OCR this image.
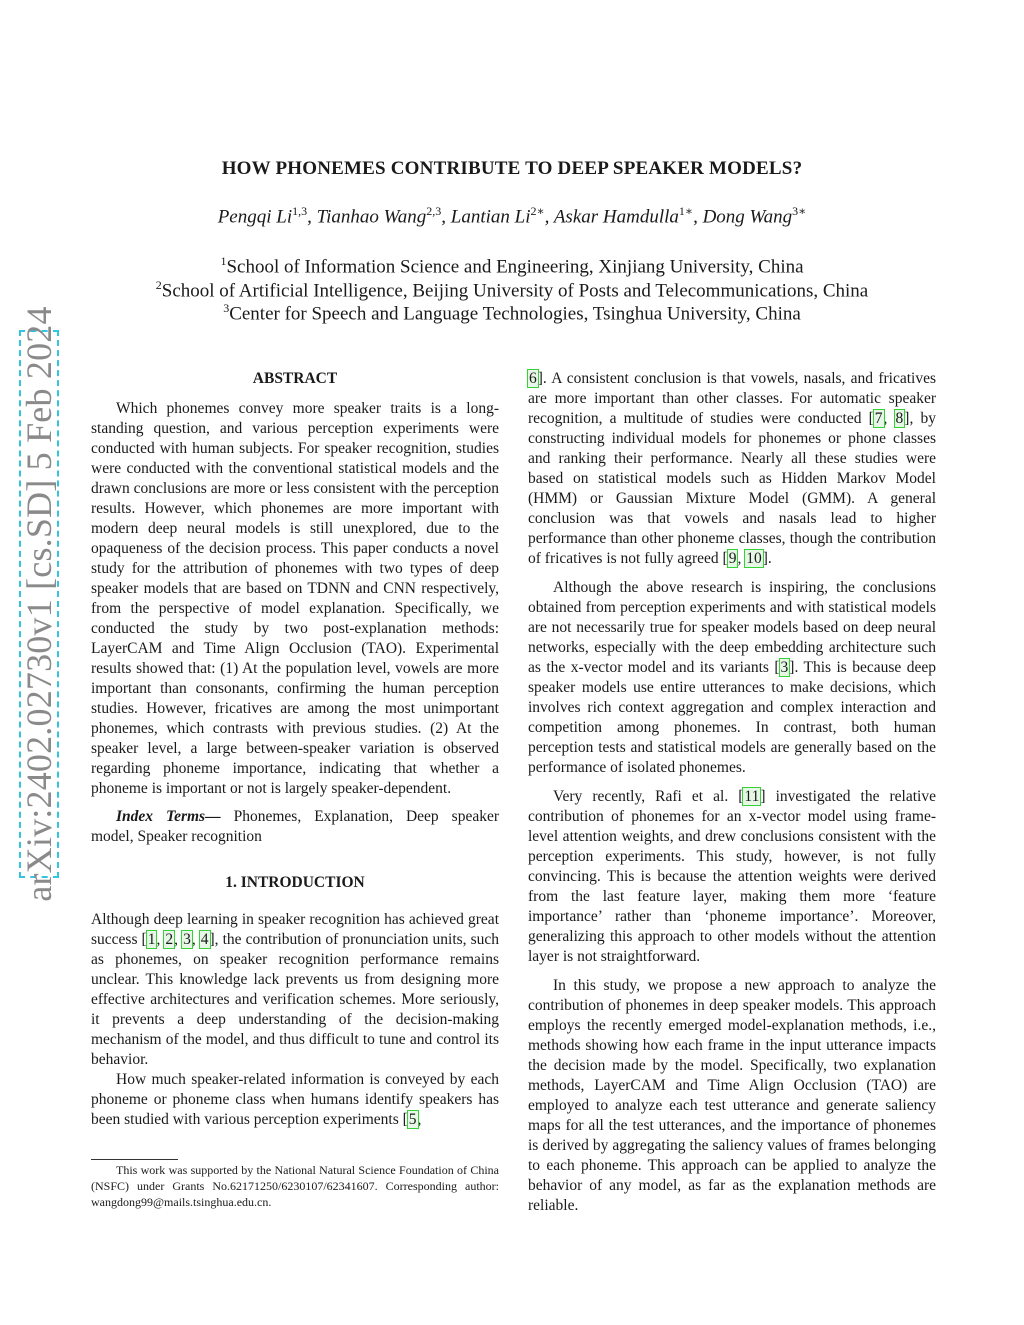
arXiv:2402.02730v1 [cs.SD] 5 Feb 2024
HOW PHONEMES CONTRIBUTE TO DEEP SPEAKER MODELS?
Pengqi Li$^{1,3}$, Tianhao Wang$^{2,3}$, Lantian $Li^{2∗}$, Askar Hamdulla$^{1∗}$, Dong Wang$^{3∗}$
$^1$School of Information Science and Engineering, Xinjiang University, China
$^2$School of Artificial Intelligence, Beijing University of Posts and Telecommunications, China
$^3$Center for Speech and Language Technologies, Tsinghua University, China
ABSTRACT

Which phonemes convey more speaker traits is a long-standing question, and various perception experiments were conducted with human subjects. For speaker recognition, studies were conducted with the conventional statistical models and the drawn conclusions are more or less consistent with the perception results. However, which phonemes are more important with modern deep neural models is still unexplored, due to the opaqueness of the decision process. This paper conducts a novel study for the attribution of phonemes with two types of deep speaker models that are based on TDNN and CNN respectively, from the perspective of model explanation. Specifically, we conducted the study by two post-explanation methods: LayerCAM and Time Align Occlusion (TAO). Experimental results showed that: (1) At the population level, vowels are more important than consonants, confirming the human perception studies. However, fricatives are among the most unimportant phonemes, which contrasts with previous studies. (2) At the speaker level, a large between-speaker variation is observed regarding phoneme importance, indicating that whether a phoneme is important or not is largely speaker-dependent.

Index Terms— Phonemes, Explanation, Deep speaker model, Speaker recognition

1. INTRODUCTION

Although deep learning in speaker recognition has achieved great success [1, 2, 3, 4], the contribution of pronunciation units, such as phonemes, on speaker recognition performance remains unclear. This knowledge lack prevents us from designing more effective architectures and verification schemes. More seriously, it prevents a deep understanding of the decision-making mechanism of the model, and thus difficult to tune and control its behavior.

How much speaker-related information is conveyed by each phoneme or phoneme class when humans identify speakers has been studied with various perception experiments [5,

This work was supported by the National Natural Science Foundation of China (NSFC) under Grants No.62171250/6230107/62341607. Corresponding author: wangdong99@mails.tsinghua.edu.cn.

6]. A consistent conclusion is that vowels, nasals, and fricatives are more important than other classes. For automatic speaker recognition, a multitude of studies were conducted [7, 8], by constructing individual models for phonemes or phone classes and ranking their performance. Nearly all these studies were based on statistical models such as Hidden Markov Model (HMM) or Gaussian Mixture Model (GMM). A general conclusion was that vowels and nasals lead to higher performance than other phoneme classes, though the contribution of fricatives is not fully agreed [9, 10].

Although the above research is inspiring, the conclusions obtained from perception experiments and with statistical models are not necessarily true for speaker models based on deep neural networks, especially with the deep embedding architecture such as the x-vector model and its variants [3]. This is because deep speaker models use entire utterances to make decisions, which involves rich context aggregation and complex interaction and competition among phonemes. In contrast, both human perception tests and statistical models are generally based on the performance of isolated phonemes.

Very recently, Rafi et al. [11] investigated the relative contribution of phonemes for an x-vector model using frame-level attention weights, and drew conclusions consistent with the perception experiments. This study, however, is not fully convincing. This is because the attention weights were derived from the last feature layer, making them more ‘feature importance’ rather than ‘phoneme importance’. Moreover, generalizing this approach to other models without the attention layer is not straightforward.

In this study, we propose a new approach to analyze the contribution of phonemes in deep speaker models. This approach employs the recently emerged model-explanation methods, i.e., methods showing how each frame in the input utterance impacts the decision made by the model. Specifically, two explanation methods, LayerCAM and Time Align Occlusion (TAO) are employed to analyze each test utterance and generate saliency maps for all the test utterances, and the importance of phonemes is derived by aggregating the saliency values of frames belonging to each phoneme. This approach can be applied to analyze the behavior of any model, as far as the explanation methods are reliable.
